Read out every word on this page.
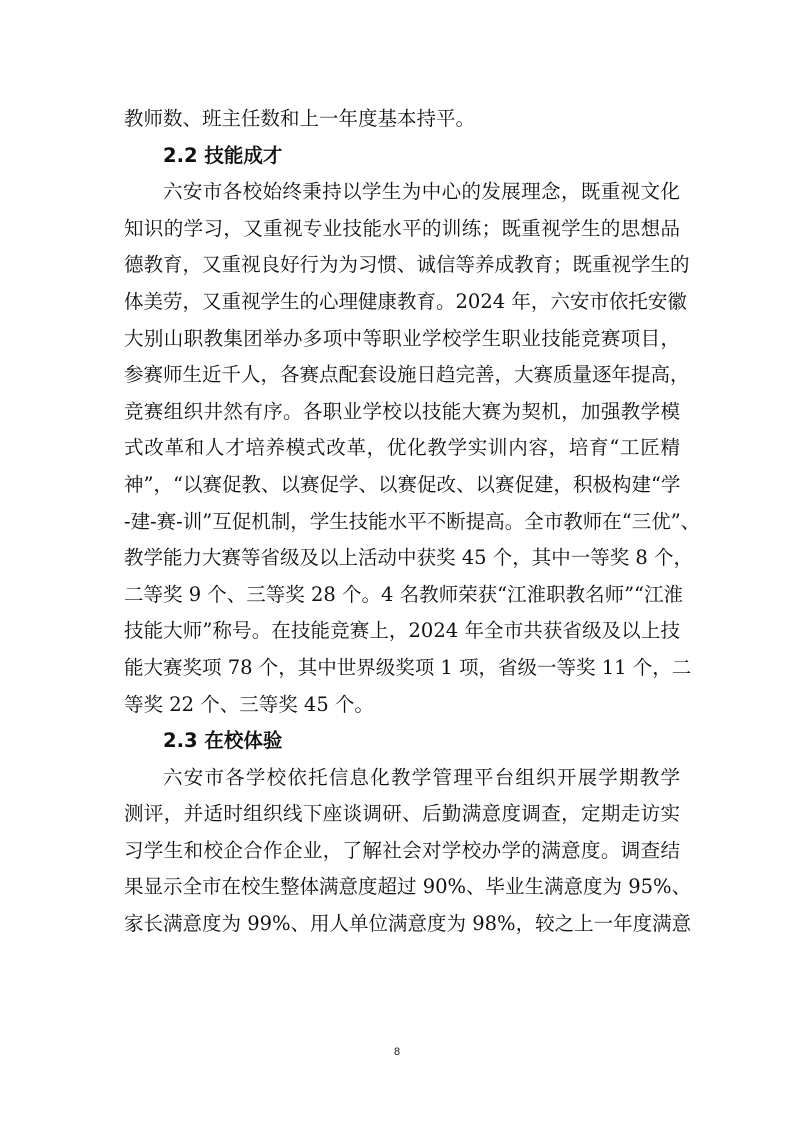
教师数、班主任数和上一年度基本持平。
2.2 技能成才
六安市各校始终秉持以学生为中心的发展理念，既重视文化
知识的学习，又重视专业技能水平的训练；既重视学生的思想品
德教育，又重视良好行为为习惯、诚信等养成教育；既重视学生的
体美劳，又重视学生的心理健康教育。2024 年，六安市依托安徽
大别山职教集团举办多项中等职业学校学生职业技能竞赛项目，
参赛师生近千人，各赛点配套设施日趋完善，大赛质量逐年提高，
竞赛组织井然有序。各职业学校以技能大赛为契机，加强教学模
式改革和人才培养模式改革，优化教学实训内容，培育“工匠精
神”，“以赛促教、以赛促学、以赛促改、以赛促建，积极构建“学
-建-赛-训”互促机制，学生技能水平不断提高。全市教师在“三优”、
教学能力大赛等省级及以上活动中获奖 45 个，其中一等奖 8 个，
二等奖 9 个、三等奖 28 个。4 名教师荣获“江淮职教名师”“江淮
技能大师”称号。在技能竞赛上，2024 年全市共获省级及以上技
能大赛奖项 78 个，其中世界级奖项 1 项，省级一等奖 11 个，二
等奖 22 个、三等奖 45 个。
2.3 在校体验
六安市各学校依托信息化教学管理平台组织开展学期教学
测评，并适时组织线下座谈调研、后勤满意度调查，定期走访实
习学生和校企合作企业，了解社会对学校办学的满意度。调查结
果显示全市在校生整体满意度超过 90%、毕业生满意度为 95%、
家长满意度为 99%、用人单位满意度为 98%，较之上一年度满意
8
